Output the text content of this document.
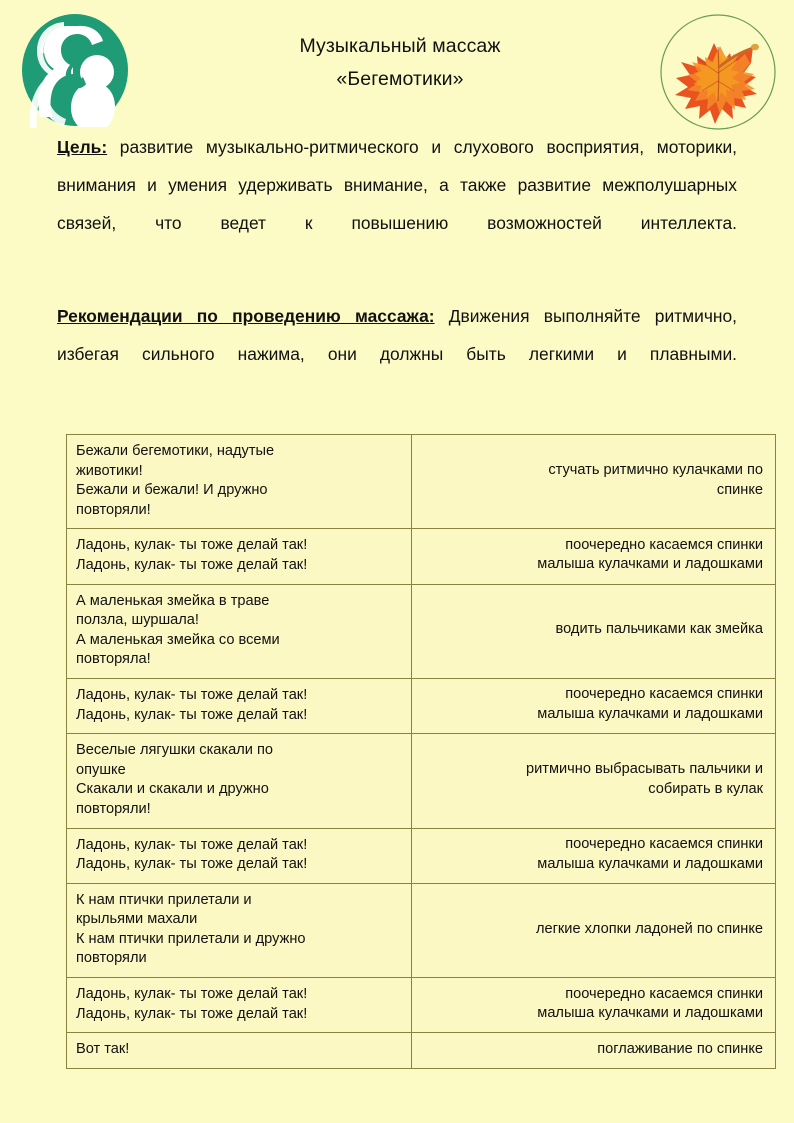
Музыкальный массаж
«Бегемотики»

Цель: развитие музыкально-ритмического и слухового восприятия, моторики, внимания и умения удерживать внимание, а также развитие межполушарных связей, что ведет к повышению возможностей интеллекта.

Рекомендации по проведению массажа: Движения выполняйте ритмично, избегая сильного нажима, они должны быть легкими и плавными.

Бежали бегемотики, надутые
животики!
Бежали и бежали! И дружно
повторяли!	стучать ритмично кулачками по
спинке

Ладонь, кулак- ты тоже делай так!
Ладонь, кулак- ты тоже делай так!	поочередно касаемся спинки
малыша кулачками и ладошками

А маленькая змейка в траве
ползла, шуршала!
А маленькая змейка со всеми
повторяла!	водить пальчиками как змейка

Ладонь, кулак- ты тоже делай так!
Ладонь, кулак- ты тоже делай так!	поочередно касаемся спинки
малыша кулачками и ладошками

Веселые лягушки скакали по
опушке
Скакали и скакали и дружно
повторяли!	ритмично выбрасывать пальчики и
собирать в кулак

Ладонь, кулак- ты тоже делай так!
Ладонь, кулак- ты тоже делай так!	поочередно касаемся спинки
малыша кулачками и ладошками

К нам птички прилетали и
крыльями махали
К нам птички прилетали и дружно
повторяли	легкие хлопки ладоней по спинке

Ладонь, кулак- ты тоже делай так!
Ладонь, кулак- ты тоже делай так!	поочередно касаемся спинки
малыша кулачками и ладошками

Вот так!	поглаживание по спинке
